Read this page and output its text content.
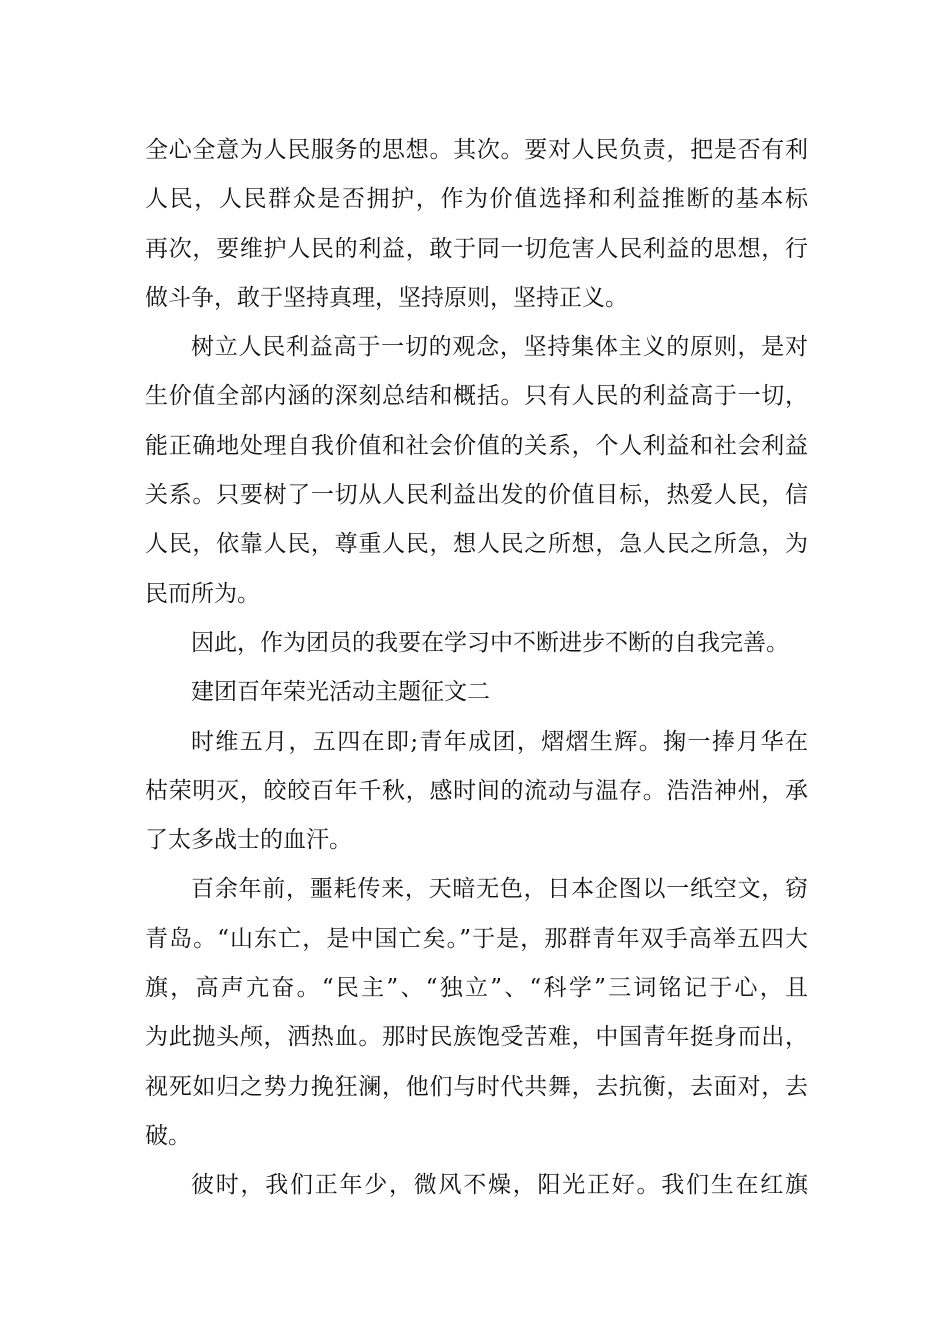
全心全意为人民服务的思想。其次。要对人民负责，把是否有利
人民，人民群众是否拥护，作为价值选择和利益推断的基本标
再次，要维护人民的利益，敢于同一切危害人民利益的思想，行
做斗争，敢于坚持真理，坚持原则，坚持正义。
树立人民利益高于一切的观念，坚持集体主义的原则，是对
生价值全部内涵的深刻总结和概括。只有人民的利益高于一切，
能正确地处理自我价值和社会价值的关系，个人利益和社会利益
关系。只要树了一切从人民利益出发的价值目标，热爱人民，信
人民，依靠人民，尊重人民，想人民之所想，急人民之所急，为
民而所为。
因此，作为团员的我要在学习中不断进步不断的自我完善。
建团百年荣光活动主题征文二
时维五月，五四在即;青年成团，熠熠生辉。掬一捧月华在
枯荣明灭，皎皎百年千秋，感时间的流动与温存。浩浩神州，承
了太多战士的血汗。
百余年前，噩耗传来，天暗无色，日本企图以一纸空文，窃
青岛。“山东亡，是中国亡矣。”于是，那群青年双手高举五四大
旗，高声亢奋。“民主”、“独立”、“科学”三词铭记于心，且
为此抛头颅，洒热血。那时民族饱受苦难，中国青年挺身而出，
视死如归之势力挽狂澜，他们与时代共舞，去抗衡，去面对，去
破。
彼时，我们正年少，微风不燥，阳光正好。我们生在红旗
